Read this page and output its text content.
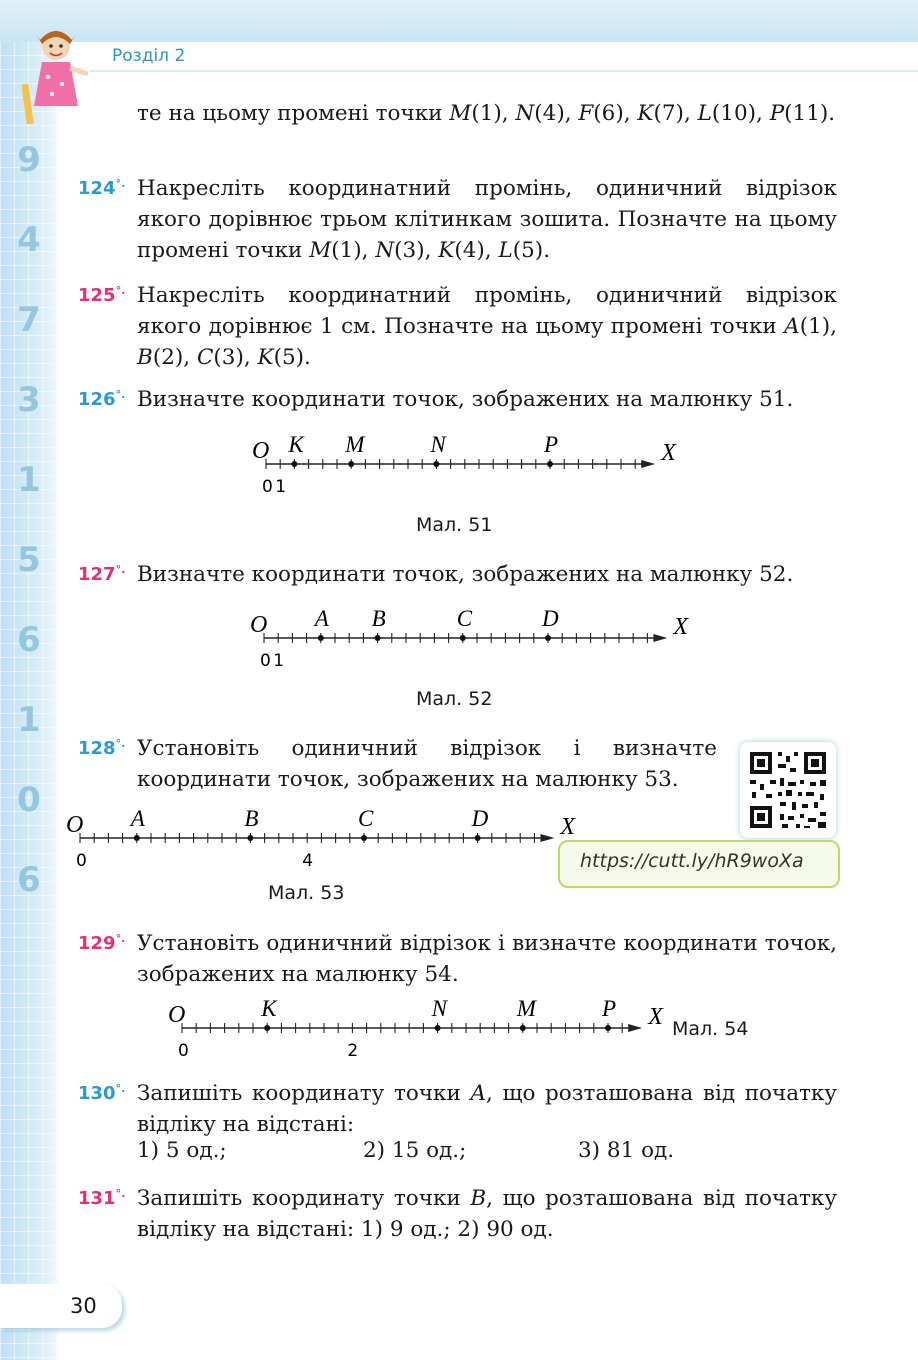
9
4
7
3
1
5
6
1
0
6
Розділ 2
те на цьому промені точки M(1), N(4), F(6), K(7), L(10), P(11).
124°. Накресліть координатний промінь, одиничний відрізок якого дорівнює трьом клітинкам зошита. Позначте на цьому промені точки M(1), N(3), K(4), L(5).
125°. Накресліть координатний промінь, одиничний відрізок якого дорівнює 1 см. Позначте на цьому промені точки A(1), B(2), C(3), K(5).
126°. Визначте координати точок, зображених на малюнку 51.
127°. Визначте координати точок, зображених на малюнку 52.
128°. Установіть одиничний відрізок і визначте координати точок, зображених на малюнку 53.
129°. Установіть одиничний відрізок і визначте координати точок, зображених на малюнку 54.
130°. Запишіть координату точки A, що розташована від початку відліку на відстані:
1) 5 од.;	2) 15 од.;	3) 81 од.
131°. Запишіть координату точки B, що розташована від початку відліку на відстані: 1) 9 од.; 2) 90 од.
O	X
0 1
K M	N	P
O	X
0 1
A B	C	D
O	X
0	4
A	B	C	D
O	X
0	2
K	N	M	P
Мал. 51
Мал. 52
Мал. 53
Мал. 54
https://cutt.ly/hR9woXa
30
